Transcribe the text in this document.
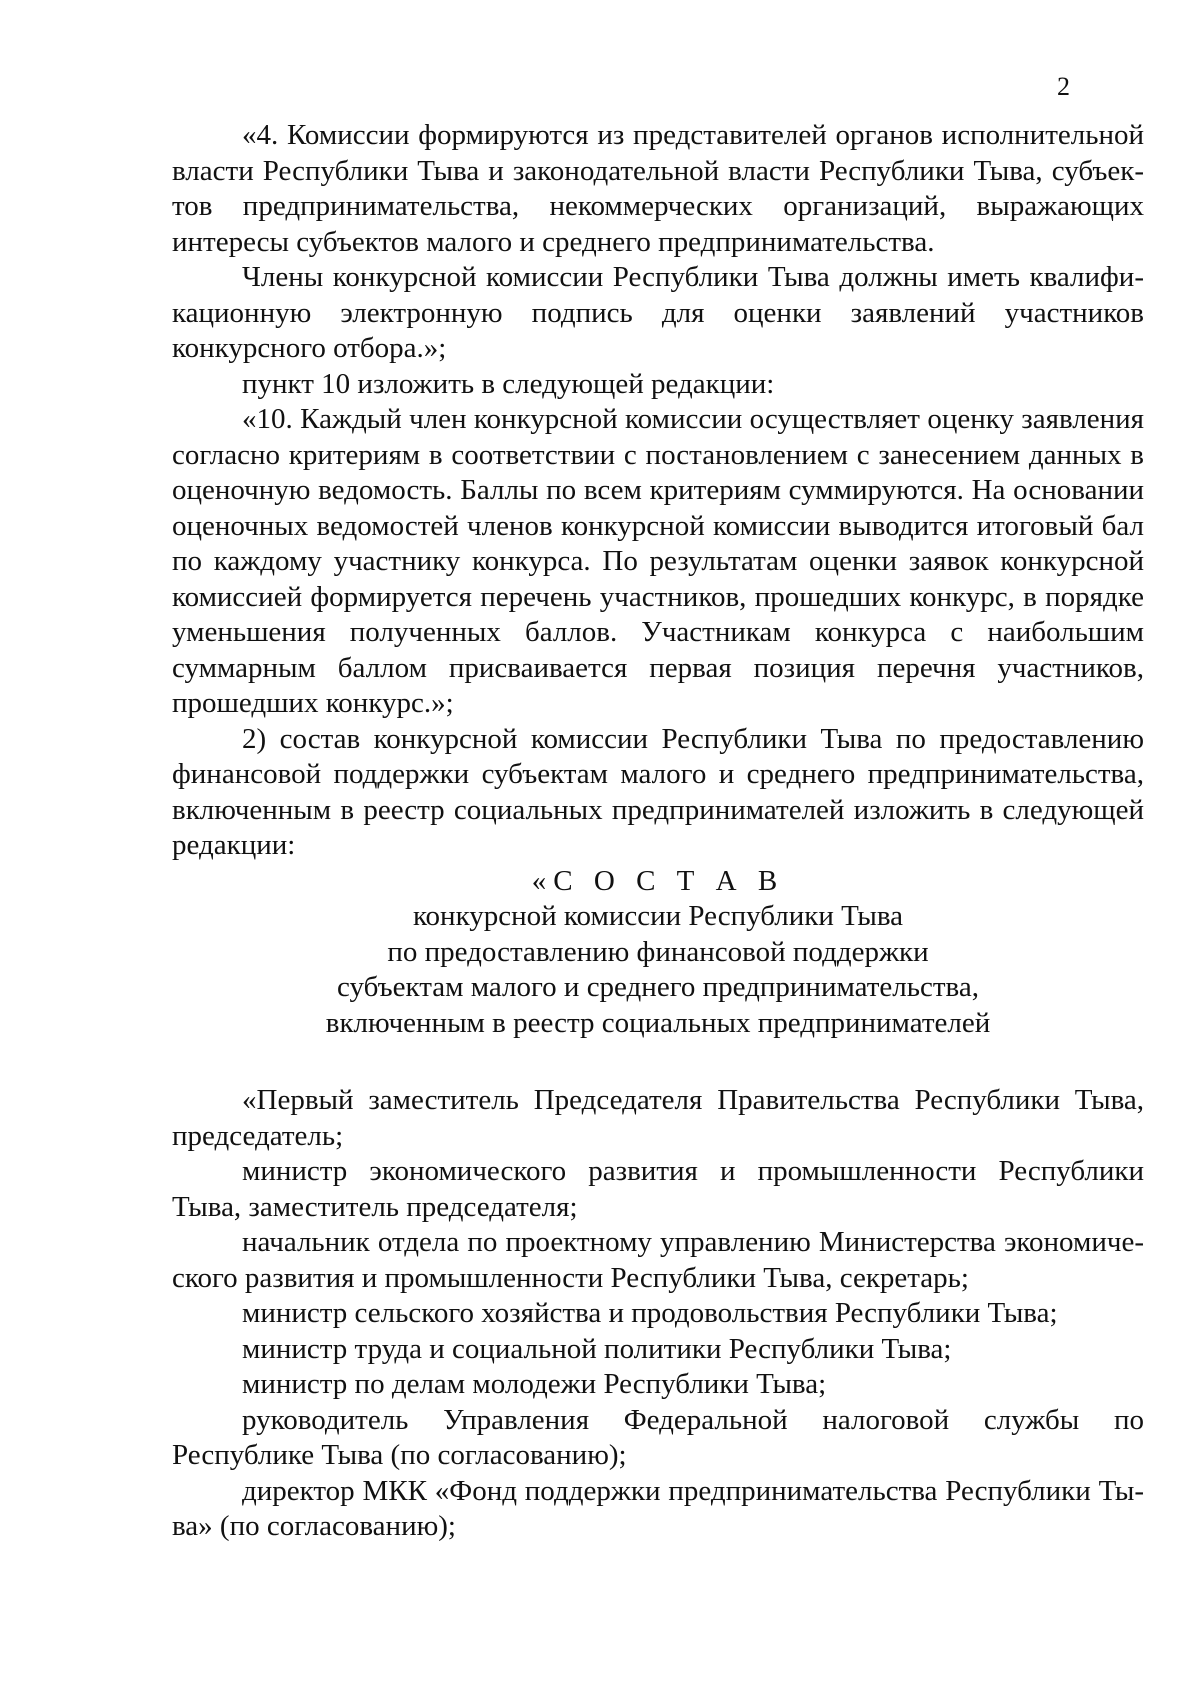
2

«4. Комиссии формируются из представителей органов исполнительной власти Республики Тыва и законодательной власти Республики Тыва, субъектов предпринимательства, некоммерческих организаций, выражающих интересы субъектов малого и среднего предпринимательства.

Члены конкурсной комиссии Республики Тыва должны иметь квалификационную электронную подпись для оценки заявлений участников конкурсного отбора.»;

пункт 10 изложить в следующей редакции:

«10. Каждый член конкурсной комиссии осуществляет оценку заявления согласно критериям в соответствии с постановлением с занесением данных в оценочную ведомость. Баллы по всем критериям суммируются. На основании оценочных ведомостей членов конкурсной комиссии выводится итоговый бал по каждому участнику конкурса. По результатам оценки заявок конкурсной комиссией формируется перечень участников, прошедших конкурс, в порядке уменьшения полученных баллов. Участникам конкурса с наибольшим суммарным баллом присваивается первая позиция перечня участников, прошедших конкурс.»;

2) состав конкурсной комиссии Республики Тыва по предоставлению финансовой поддержки субъектам малого и среднего предпринимательства, включенным в реестр социальных предпринимателей изложить в следующей редакции:

«С О С Т А В

конкурсной комиссии Республики Тыва

по предоставлению финансовой поддержки

субъектам малого и среднего предпринимательства,

включенным в реестр социальных предпринимателей

«Первый заместитель Председателя Правительства Республики Тыва, председатель;

министр экономического развития и промышленности Республики Тыва, заместитель председателя;

начальник отдела по проектному управлению Министерства экономического развития и промышленности Республики Тыва, секретарь;

министр сельского хозяйства и продовольствия Республики Тыва;

министр труда и социальной политики Республики Тыва;

министр по делам молодежи Республики Тыва;

руководитель Управления Федеральной налоговой службы по Республике Тыва (по согласованию);

директор МКК «Фонд поддержки предпринимательства Республики Тыва» (по согласованию);
